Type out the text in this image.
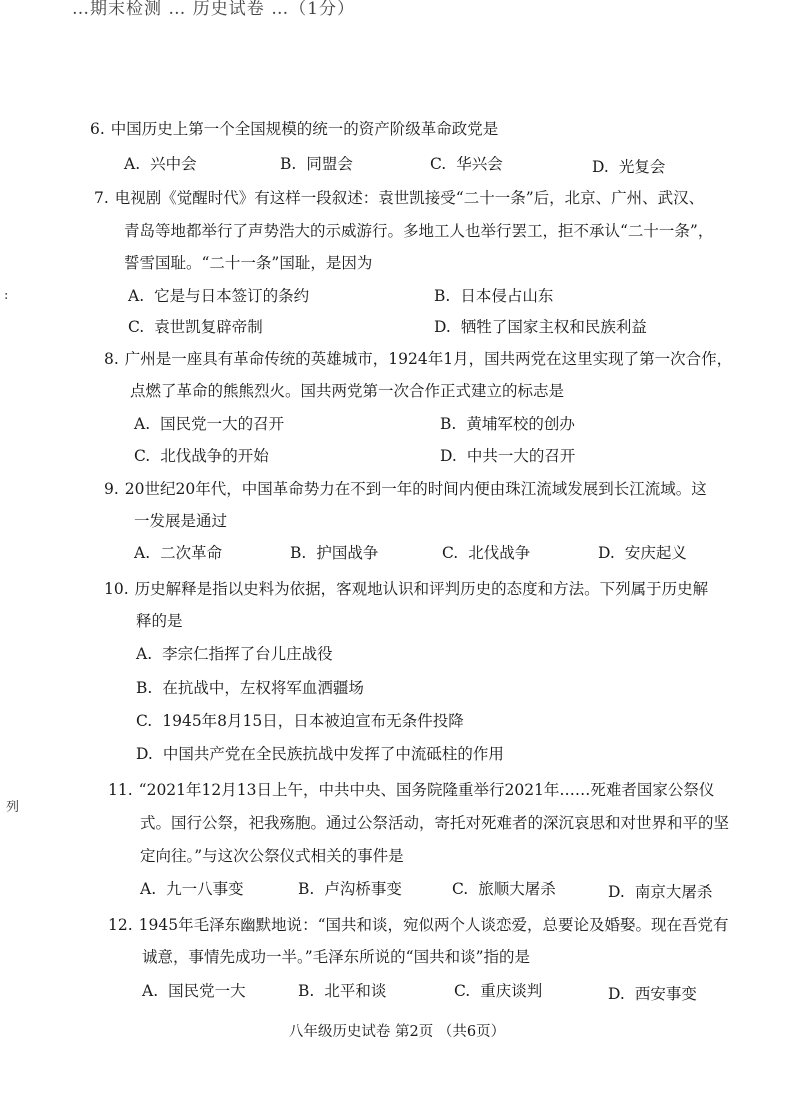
…期末检测 … 历史试卷 …（1分）
6. 中国历史上第一个全国规模的统一的资产阶级革命政党是
A. 兴中会	B. 同盟会	C. 华兴会	D. 光复会
7. 电视剧《觉醒时代》有这样一段叙述：袁世凯接受“二十一条”后，北京、广州、武汉、
青岛等地都举行了声势浩大的示威游行。多地工人也举行罢工，拒不承认“二十一条”，
誓雪国耻。“二十一条”国耻，是因为
A. 它是与日本签订的条约	B. 日本侵占山东
C. 袁世凯复辟帝制	D. 牺牲了国家主权和民族利益
8. 广州是一座具有革命传统的英雄城市，1924年1月，国共两党在这里实现了第一次合作，
点燃了革命的熊熊烈火。国共两党第一次合作正式建立的标志是
A. 国民党一大的召开	B. 黄埔军校的创办
C. 北伐战争的开始	D. 中共一大的召开
9. 20世纪20年代，中国革命势力在不到一年的时间内便由珠江流域发展到长江流域。这
一发展是通过
A. 二次革命	B. 护国战争	C. 北伐战争	D. 安庆起义
10. 历史解释是指以史料为依据，客观地认识和评判历史的态度和方法。下列属于历史解
释的是
A. 李宗仁指挥了台儿庄战役
B. 在抗战中，左权将军血洒疆场
C. 1945年8月15日，日本被迫宣布无条件投降
D. 中国共产党在全民族抗战中发挥了中流砥柱的作用
11. “2021年12月13日上午，中共中央、国务院隆重举行2021年……死难者国家公祭仪
式。国行公祭，祀我殇胞。通过公祭活动，寄托对死难者的深沉哀思和对世界和平的坚
定向往。”与这次公祭仪式相关的事件是
A. 九一八事变	B. 卢沟桥事变	C. 旅顺大屠杀	D. 南京大屠杀
12. 1945年毛泽东幽默地说：“国共和谈，宛似两个人谈恋爱，总要论及婚娶。现在吾党有
诚意，事情先成功一半。”毛泽东所说的“国共和谈”指的是
A. 国民党一大	B. 北平和谈	C. 重庆谈判	D. 西安事变
:
列
八年级历史试卷 第2页 （共6页）
